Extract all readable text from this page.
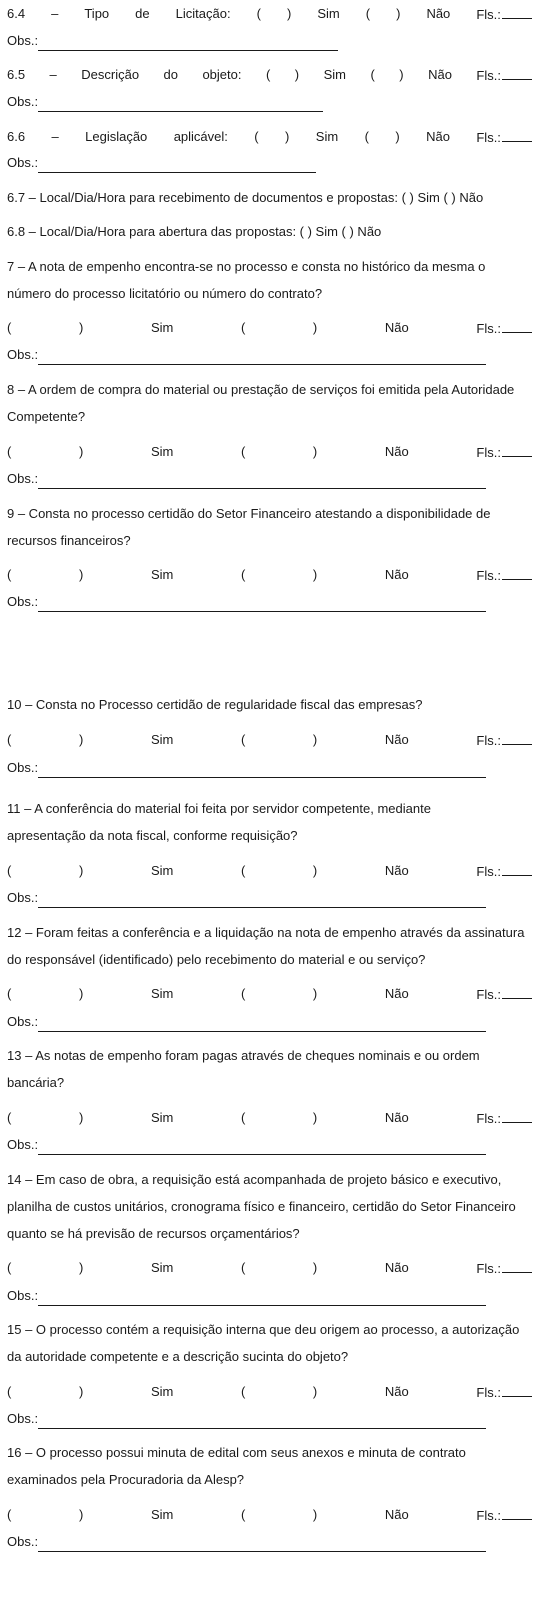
6.4 – Tipo de Licitação: ( ) Sim ( ) Não Fls.:
Obs.:
6.5 – Descrição do objeto: ( ) Sim ( ) Não Fls.:
Obs.:
6.6 – Legislação aplicável: ( ) Sim ( ) Não Fls.:
Obs.:
6.7 – Local/Dia/Hora para recebimento de documentos e propostas: ( ) Sim ( ) Não
6.8 – Local/Dia/Hora para abertura das propostas: ( ) Sim ( ) Não
7 – A nota de empenho encontra-se no processo e consta no histórico da mesma o
número do processo licitatório ou número do contrato?
(	)	Sim	(	)	Não	Fls.:
Obs.:
8 – A ordem de compra do material ou prestação de serviços foi emitida pela Autoridade
Competente?
(	)	Sim	(	)	Não	Fls.:
Obs.:
9 – Consta no processo certidão do Setor Financeiro atestando a disponibilidade de
recursos financeiros?
(	)	Sim	(	)	Não	Fls.:
Obs.:
10 – Consta no Processo certidão de regularidade fiscal das empresas?
(	)	Sim	(	)	Não	Fls.:
Obs.:
11 – A conferência do material foi feita por servidor competente, mediante
apresentação da nota fiscal, conforme requisição?
(	)	Sim	(	)	Não	Fls.:
Obs.:
12 – Foram feitas a conferência e a liquidação na nota de empenho através da assinatura
do responsável (identificado) pelo recebimento do material e ou serviço?
(	)	Sim	(	)	Não	Fls.:
Obs.:
13 – As notas de empenho foram pagas através de cheques nominais e ou ordem
bancária?
(	)	Sim	(	)	Não	Fls.:
Obs.:
14 – Em caso de obra, a requisição está acompanhada de projeto básico e executivo,
planilha de custos unitários, cronograma físico e financeiro, certidão do Setor Financeiro
quanto se há previsão de recursos orçamentários?
(	)	Sim	(	)	Não	Fls.:
Obs.:
15 – O processo contém a requisição interna que deu origem ao processo, a autorização
da autoridade competente e a descrição sucinta do objeto?
(	)	Sim	(	)	Não	Fls.:
Obs.:
16 – O processo possui minuta de edital com seus anexos e minuta de contrato
examinados pela Procuradoria da Alesp?
(	)	Sim	(	)	Não	Fls.:
Obs.:
